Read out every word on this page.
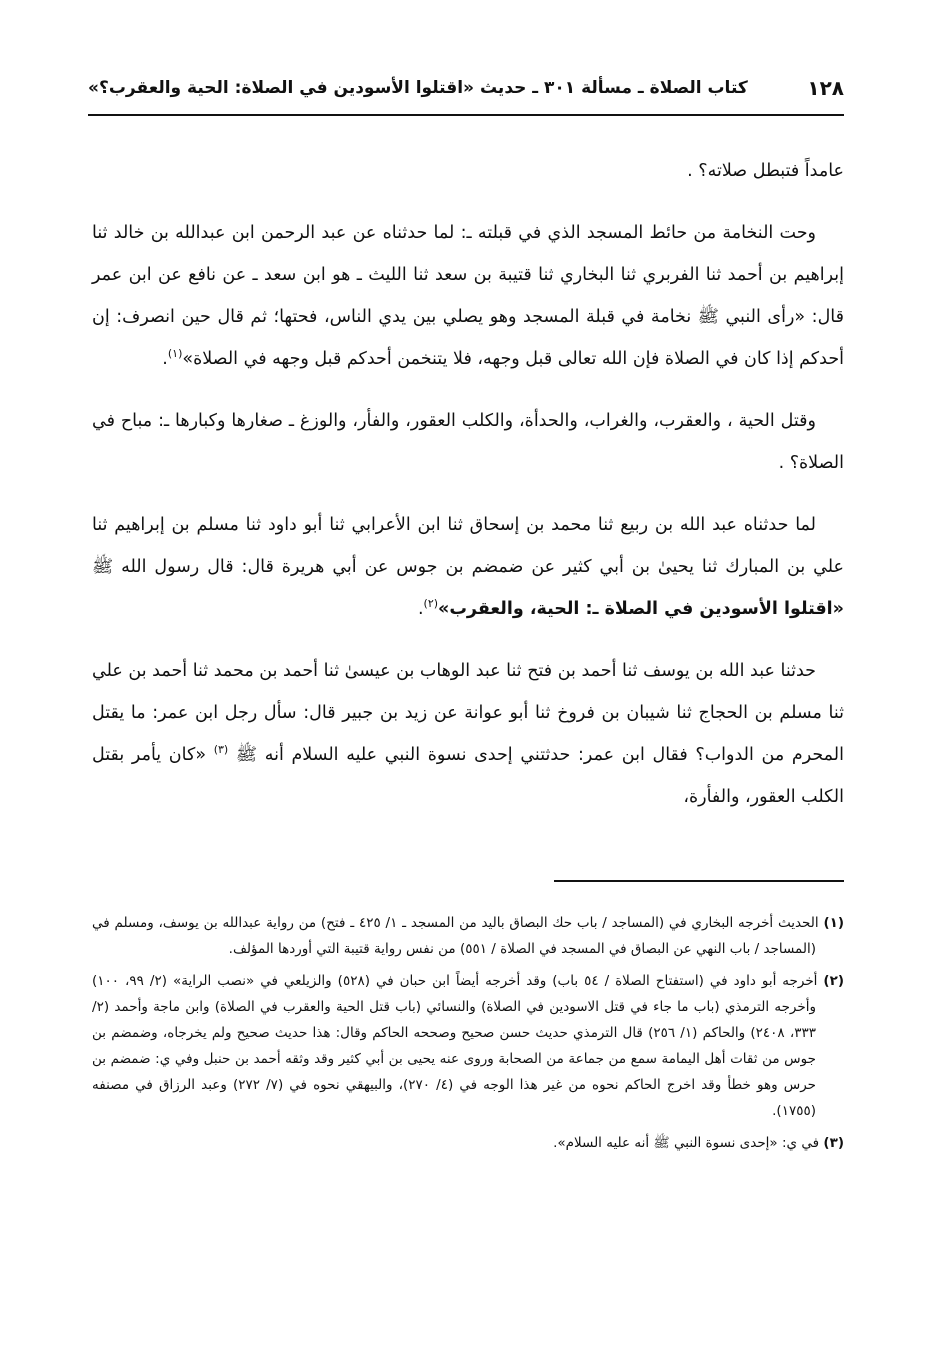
١٢٨
كتاب الصلاة ـ مسألة ٣٠١ ـ حديث «اقتلوا الأسودين في الصلاة: الحية والعقرب؟»

عامداً فتبطل صلاته؟ .

وحت النخامة من حائط المسجد الذي في قبلته ـ: لما حدثناه عن عبد الرحمن ابن عبدالله بن خالد ثنا إبراهيم بن أحمد ثنا الفربري ثنا البخاري ثنا قتيبة بن سعد ثنا الليث ـ هو ابن سعد ـ عن نافع عن ابن عمر قال: «رأى النبي ﷺ نخامة في قبلة المسجد وهو يصلي بين يدي الناس، فحتها؛ ثم قال حين انصرف: إن أحدكم إذا كان في الصلاة فإن الله تعالى قبل وجهه، فلا يتنخمن أحدكم قبل وجهه في الصلاة»$^{(١)}$.

وقتل الحية ، والعقرب، والغراب، والحدأة، والكلب العقور، والفأر، والوزغ ـ صغارها وكبارها ـ: مباح في الصلاة؟ .

لما حدثناه عبد الله بن ربيع ثنا محمد بن إسحاق ثنا ابن الأعرابي ثنا أبو داود ثنا مسلم بن إبراهيم ثنا علي بن المبارك ثنا يحيىٰ بن أبي كثير عن ضمضم بن جوس عن أبي هريرة قال: قال رسول الله ﷺ «اقتلوا الأسودين في الصلاة ـ: الحية، والعقرب»$^{(٢)}$.

حدثنا عبد الله بن يوسف ثنا أحمد بن فتح ثنا عبد الوهاب بن عيسىٰ ثنا أحمد بن محمد ثنا أحمد بن علي ثنا مسلم بن الحجاج ثنا شيبان بن فروخ ثنا أبو عوانة عن زيد بن جبير قال: سأل رجل ابن عمر: ما يقتل المحرم من الدواب؟ فقال ابن عمر: حدثتني إحدى نسوة النبي عليه السلام أنه ﷺ $^{(٣)}$ «كان يأمر بقتل الكلب العقور، والفأرة،

(١) الحديث أخرجه البخاري في (المساجد / باب حك البصاق باليد من المسجد ـ ١/ ٤٢٥ ـ فتح) من رواية عبدالله بن يوسف، ومسلم في (المساجد / باب النهي عن البصاق في المسجد في الصلاة / ٥٥١) من نفس رواية قتيبة التي أوردها المؤلف.

(٢) أخرجه أبو داود في (استفتاح الصلاة / ٥٤ باب) وقد أخرجه أيضاً ابن حبان في (٥٢٨) والزيلعي في «نصب الراية» (٢/ ٩٩، ١٠٠) وأخرجه الترمذي (باب ما جاء في قتل الاسودين في الصلاة) والنسائي (باب قتل الحية والعقرب في الصلاة) وابن ماجة وأحمد (٢/ ٣٣٣، ٢٤٠٨) والحاكم (١/ ٢٥٦) قال الترمذي حديث حسن صحيح وصححه الحاكم وقال: هذا حديث صحيح ولم يخرجاه، وضمضم بن جوس من ثقات أهل اليمامة سمع من جماعة من الصحابة وروى عنه يحيى بن أبي كثير وقد وثقه أحمد بن حنبل وفي ي: ضمضم بن حرس وهو خطأ وقد اخرج الحاكم نحوه من غير هذا الوجه في (٤/ ٢٧٠)، والبيهقي نحوه في (٧/ ٢٧٢) وعبد الرزاق في مصنفه (١٧٥٥).

(٣) في ي: «إحدى نسوة النبي ﷺ أنه عليه السلام».
